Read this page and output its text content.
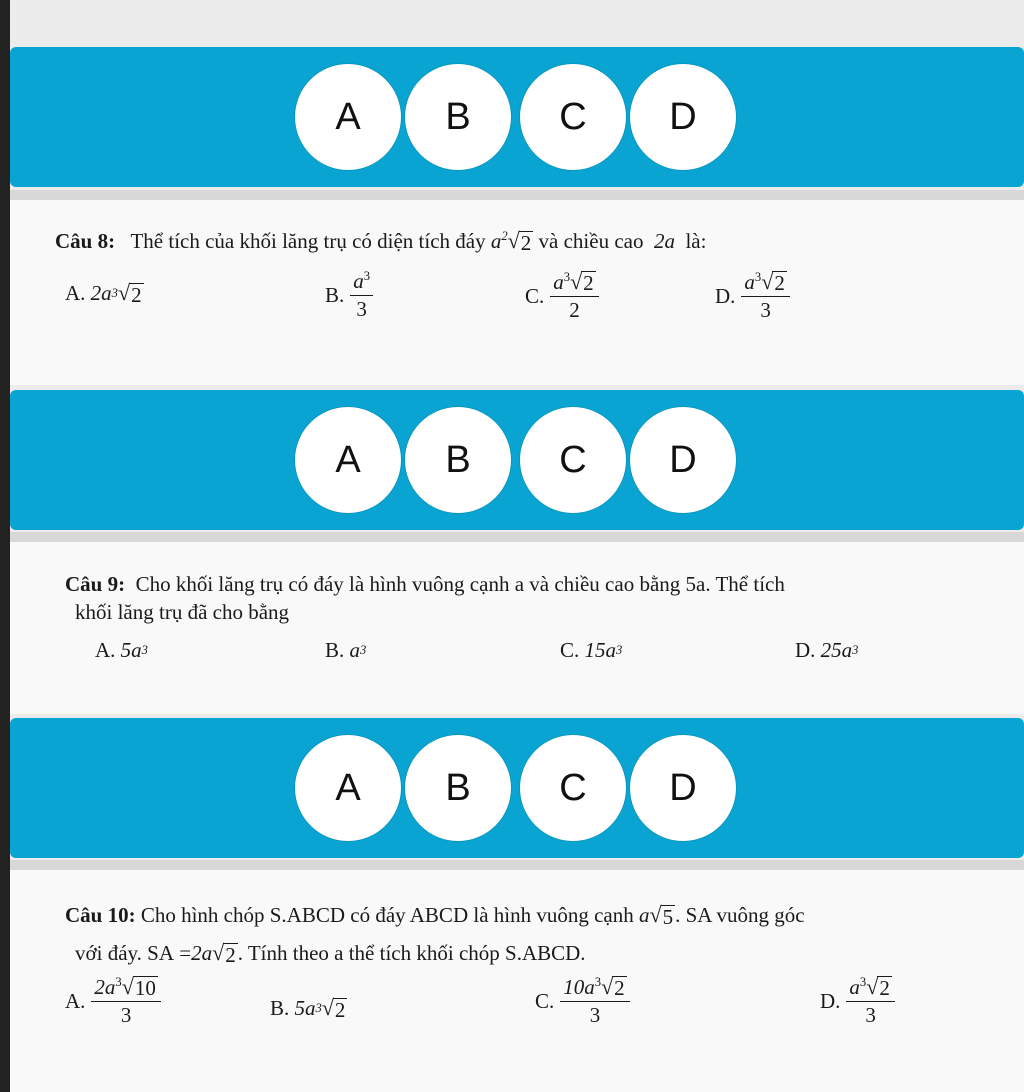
A	B	C	D
Câu 8: Thể tích của khối lăng trụ có diện tích đáy $a^2$ √ 2 và chiều cao 2a là:
A.
2a 3 √ 2	B. $\frac{a^3}{3}$	C. $\frac{a^3 √ 2}{2}$	D. $\frac{a^3 √ 2}{3}$
A	B	C	D
Câu 9: Cho khối lăng trụ có đáy là hình vuông cạnh a và chiều cao bằng 5a. Thể tích
khối lăng trụ đã cho bằng
A.
5a 3	B.
a 3	C.
15a 3	D.
25a 3
A	B	C	D
Câu 10: Cho hình chóp S.ABCD có đáy ABCD là hình vuông cạnh a √ 5 . SA vuông góc
với đáy. SA =2a √ 2 . Tính theo a thể tích khối chóp S.ABCD.
A. $\frac{2a^3 √ 10}{3}$	B.
5a 3 √ 2	C. $\frac{10a^3 √ 2}{3}$	D. $\frac{a^3 √ 2}{3}$
